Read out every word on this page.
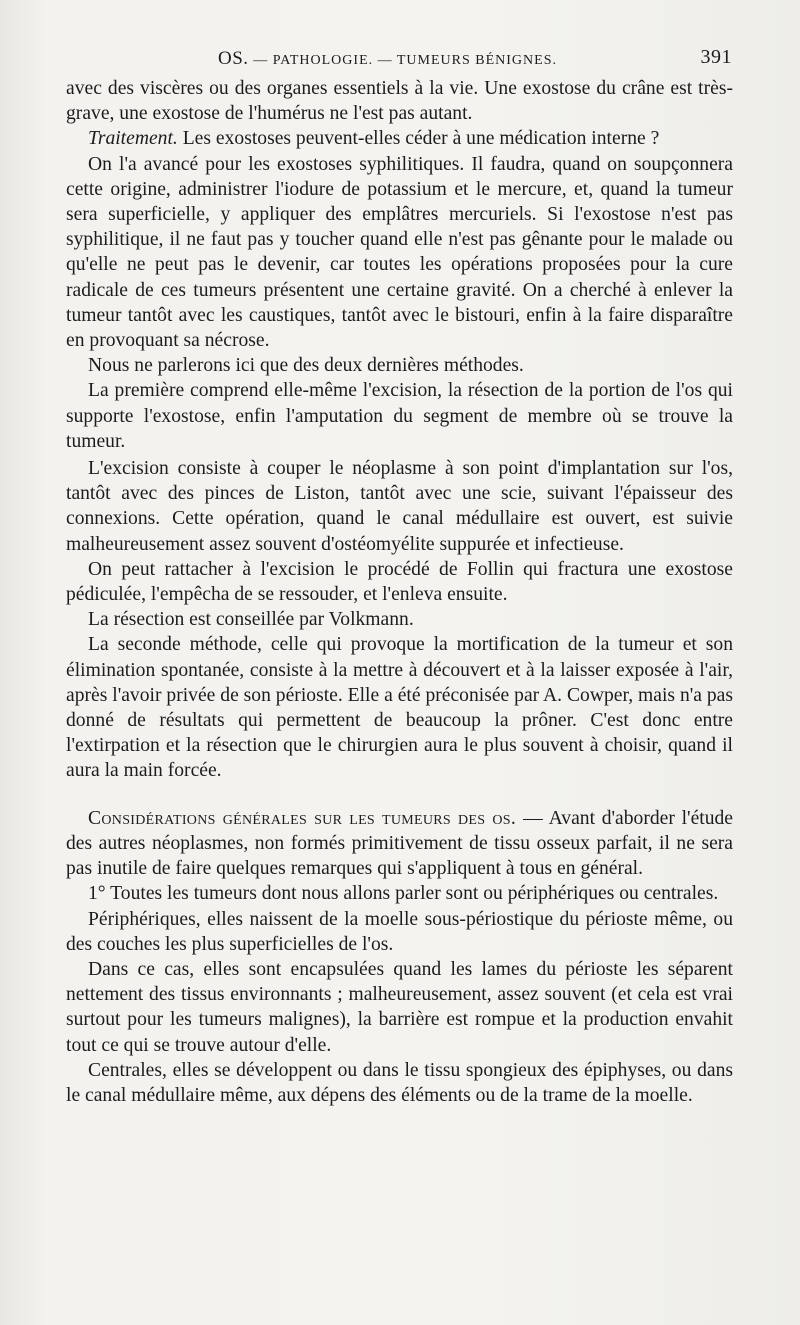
OS. — PATHOLOGIE. — TUMEURS BÉNIGNES.	391

avec des viscères ou des organes essentiels à la vie. Une exostose du crâne est très-grave, une exostose de l'humérus ne l'est pas autant.

Traitement. Les exostoses peuvent-elles céder à une médication interne ?

On l'a avancé pour les exostoses syphilitiques. Il faudra, quand on soupçonnera cette origine, administrer l'iodure de potassium et le mercure, et, quand la tumeur sera superficielle, y appliquer des emplâtres mercuriels. Si l'exostose n'est pas syphilitique, il ne faut pas y toucher quand elle n'est pas gênante pour le malade ou qu'elle ne peut pas le devenir, car toutes les opérations proposées pour la cure radicale de ces tumeurs présentent une certaine gravité. On a cherché à enlever la tumeur tantôt avec les caustiques, tantôt avec le bistouri, enfin à la faire disparaître en provoquant sa nécrose.

Nous ne parlerons ici que des deux dernières méthodes.

La première comprend elle-même l'excision, la résection de la portion de l'os qui supporte l'exostose, enfin l'amputation du segment de membre où se trouve la tumeur.

L'excision consiste à couper le néoplasme à son point d'implantation sur l'os, tantôt avec des pinces de Liston, tantôt avec une scie, suivant l'épaisseur des connexions. Cette opération, quand le canal médullaire est ouvert, est suivie malheureusement assez souvent d'ostéomyélite suppurée et infectieuse.

On peut rattacher à l'excision le procédé de Follin qui fractura une exostose pédiculée, l'empêcha de se ressouder, et l'enleva ensuite.

La résection est conseillée par Volkmann.

La seconde méthode, celle qui provoque la mortification de la tumeur et son élimination spontanée, consiste à la mettre à découvert et à la laisser exposée à l'air, après l'avoir privée de son périoste. Elle a été préconisée par A. Cowper, mais n'a pas donné de résultats qui permettent de beaucoup la prôner. C'est donc entre l'extirpation et la résection que le chirurgien aura le plus souvent à choisir, quand il aura la main forcée.

Considérations générales sur les tumeurs des os. — Avant d'aborder l'étude des autres néoplasmes, non formés primitivement de tissu osseux parfait, il ne sera pas inutile de faire quelques remarques qui s'appliquent à tous en général.

1° Toutes les tumeurs dont nous allons parler sont ou périphériques ou centrales.

Périphériques, elles naissent de la moelle sous-périostique du périoste même, ou des couches les plus superficielles de l'os.

Dans ce cas, elles sont encapsulées quand les lames du périoste les séparent nettement des tissus environnants ; malheureusement, assez souvent (et cela est vrai surtout pour les tumeurs malignes), la barrière est rompue et la production envahit tout ce qui se trouve autour d'elle.

Centrales, elles se développent ou dans le tissu spongieux des épiphyses, ou dans le canal médullaire même, aux dépens des éléments ou de la trame de la moelle.
